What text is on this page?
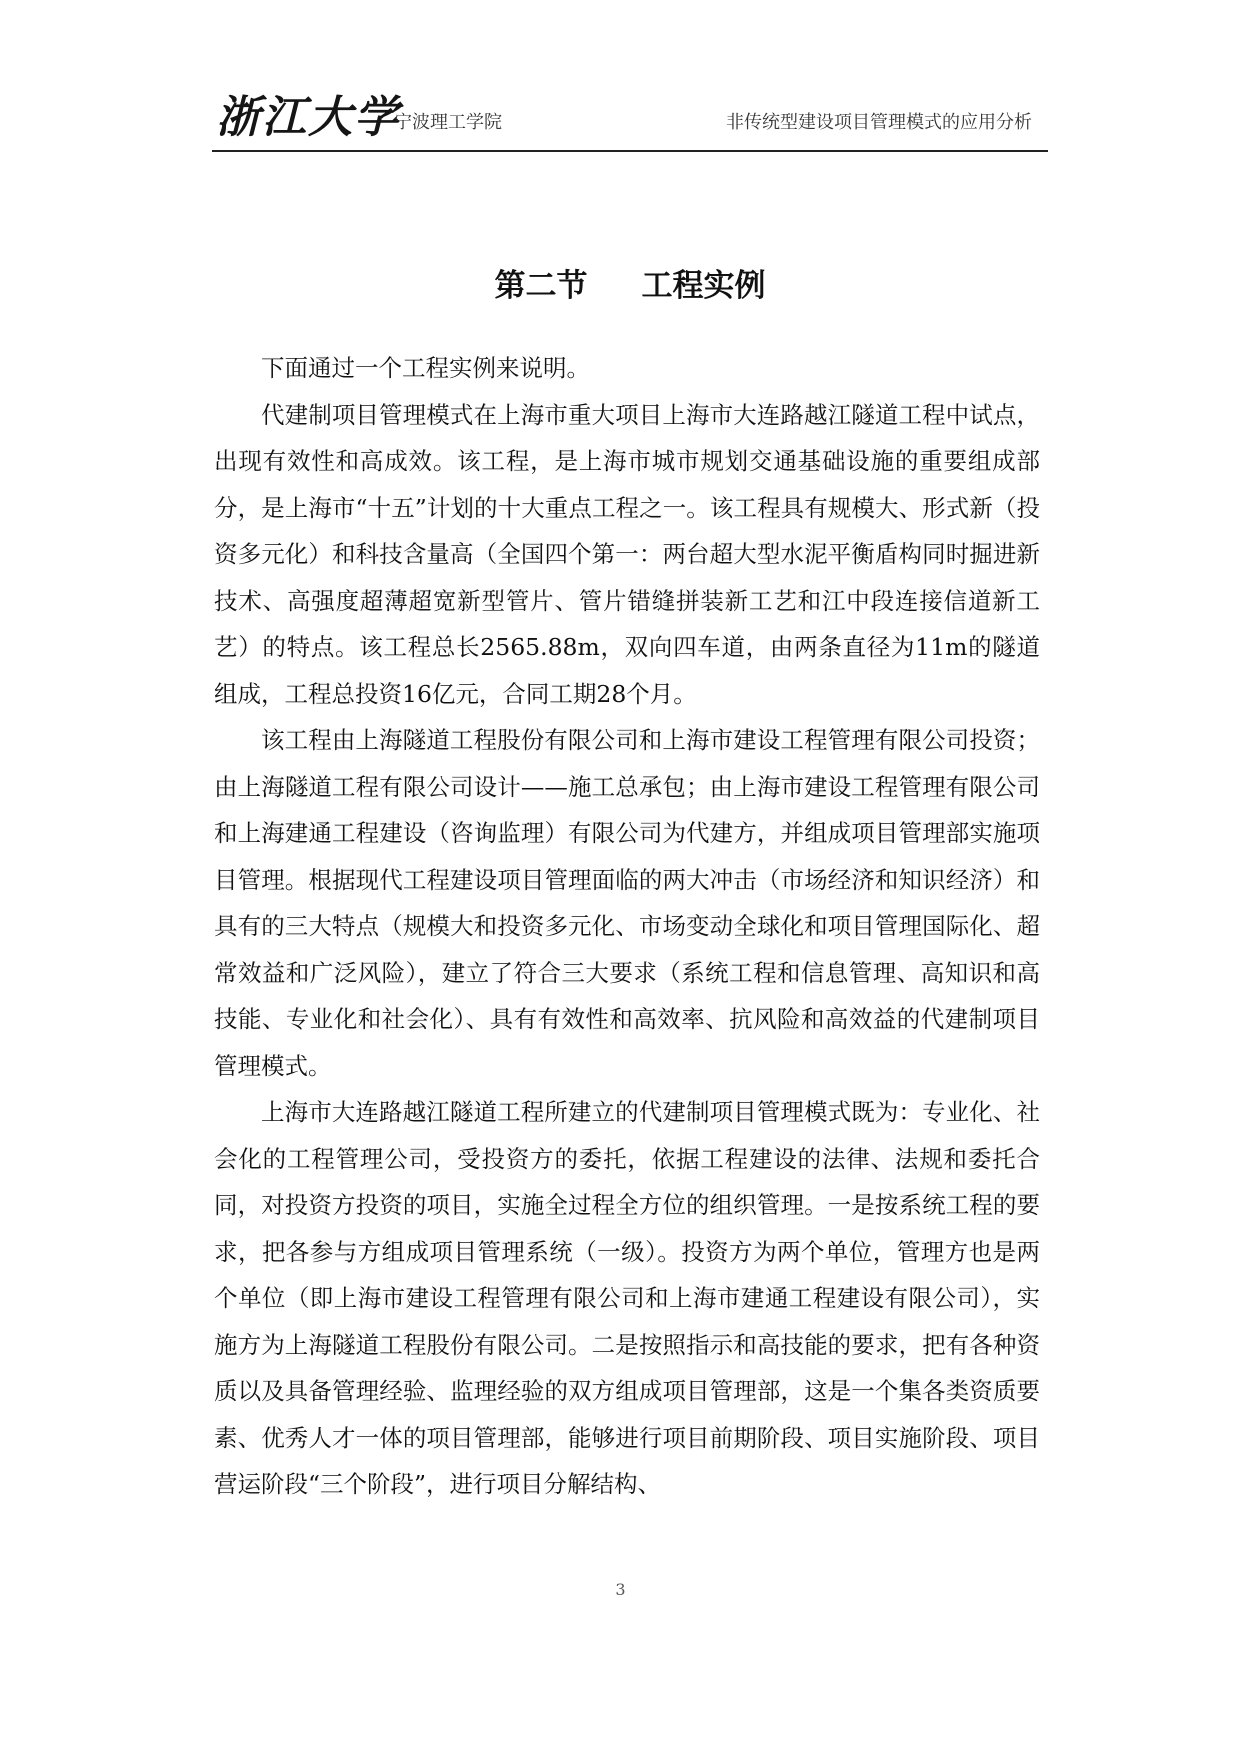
浙江大学
宁波理工学院	非传统型建设项目管理模式的应用分析
第二节 工程实例

下面通过一个工程实例来说明。

代建制项目管理模式在上海市重大项目上海市大连路越江隧道工程中试点，出现有效性和高成效。该工程，是上海市城市规划交通基础设施的重要组成部分，是上海市“十五”计划的十大重点工程之一。该工程具有规模大、形式新（投资多元化）和科技含量高（全国四个第一：两台超大型水泥平衡盾构同时掘进新技术、高强度超薄超宽新型管片、管片错缝拼装新工艺和江中段连接信道新工艺）的特点。该工程总长2565.88m，双向四车道，由两条直径为11m的隧道组成，工程总投资16亿元，合同工期28个月。

该工程由上海隧道工程股份有限公司和上海市建设工程管理有限公司投资；由上海隧道工程有限公司设计——施工总承包；由上海市建设工程管理有限公司和上海建通工程建设（咨询监理）有限公司为代建方，并组成项目管理部实施项目管理。根据现代工程建设项目管理面临的两大冲击（市场经济和知识经济）和具有的三大特点（规模大和投资多元化、市场变动全球化和项目管理国际化、超常效益和广泛风险），建立了符合三大要求（系统工程和信息管理、高知识和高技能、专业化和社会化）、具有有效性和高效率、抗风险和高效益的代建制项目管理模式。

上海市大连路越江隧道工程所建立的代建制项目管理模式既为：专业化、社会化的工程管理公司，受投资方的委托，依据工程建设的法律、法规和委托合同，对投资方投资的项目，实施全过程全方位的组织管理。一是按系统工程的要求，把各参与方组成项目管理系统（一级）。投资方为两个单位，管理方也是两个单位（即上海市建设工程管理有限公司和上海市建通工程建设有限公司），实施方为上海隧道工程股份有限公司。二是按照指示和高技能的要求，把有各种资质以及具备管理经验、监理经验的双方组成项目管理部，这是一个集各类资质要素、优秀人才一体的项目管理部，能够进行项目前期阶段、项目实施阶段、项目营运阶段“三个阶段”，进行项目分解结构、

3
